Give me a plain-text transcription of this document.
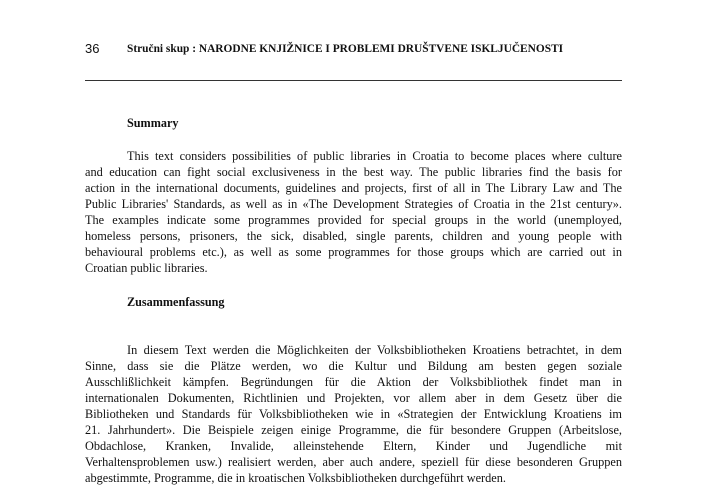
36 Stručni skup : NARODNE KNJIŽNICE I PROBLEMI DRUŠTVENE ISKLJUČENOSTI
Summary
This text considers possibilities of public libraries in Croatia to become places where culture
and education can fight social exclusiveness in the best way. The public libraries find the basis for
action in the international documents, guidelines and projects, first of all in The Library Law and The
Public Libraries' Standards, as well as in «The Development Strategies of Croatia in the 21st century».
The examples indicate some programmes provided for special groups in the world (unemployed,
homeless persons, prisoners, the sick, disabled, single parents, children and young people with
behavioural problems etc.), as well as some programmes for those groups which are carried out in
Croatian public libraries.
Zusammenfassung
In diesem Text werden die Möglichkeiten der Volksbibliotheken Kroatiens betrachtet, in dem
Sinne, dass sie die Plätze werden, wo die Kultur und Bildung am besten gegen soziale
Ausschlißlichkeit kämpfen. Begründungen für die Aktion der Volksbibliothek findet man in
internationalen Dokumenten, Richtlinien und Projekten, vor allem aber in dem Gesetz über die
Bibliotheken und Standards für Volksbibliotheken wie in «Strategien der Entwicklung Kroatiens im
21. Jahrhundert». Die Beispiele zeigen einige Programme, die für besondere Gruppen (Arbeitslose,
Obdachlose, Kranken, Invalide, alleinstehende Eltern, Kinder und Jugendliche mit
Verhaltensproblemen usw.) realisiert werden, aber auch andere, speziell für diese besonderen Gruppen
abgestimmte, Programme, die in kroatischen Volksbibliotheken durchgeführt werden.
